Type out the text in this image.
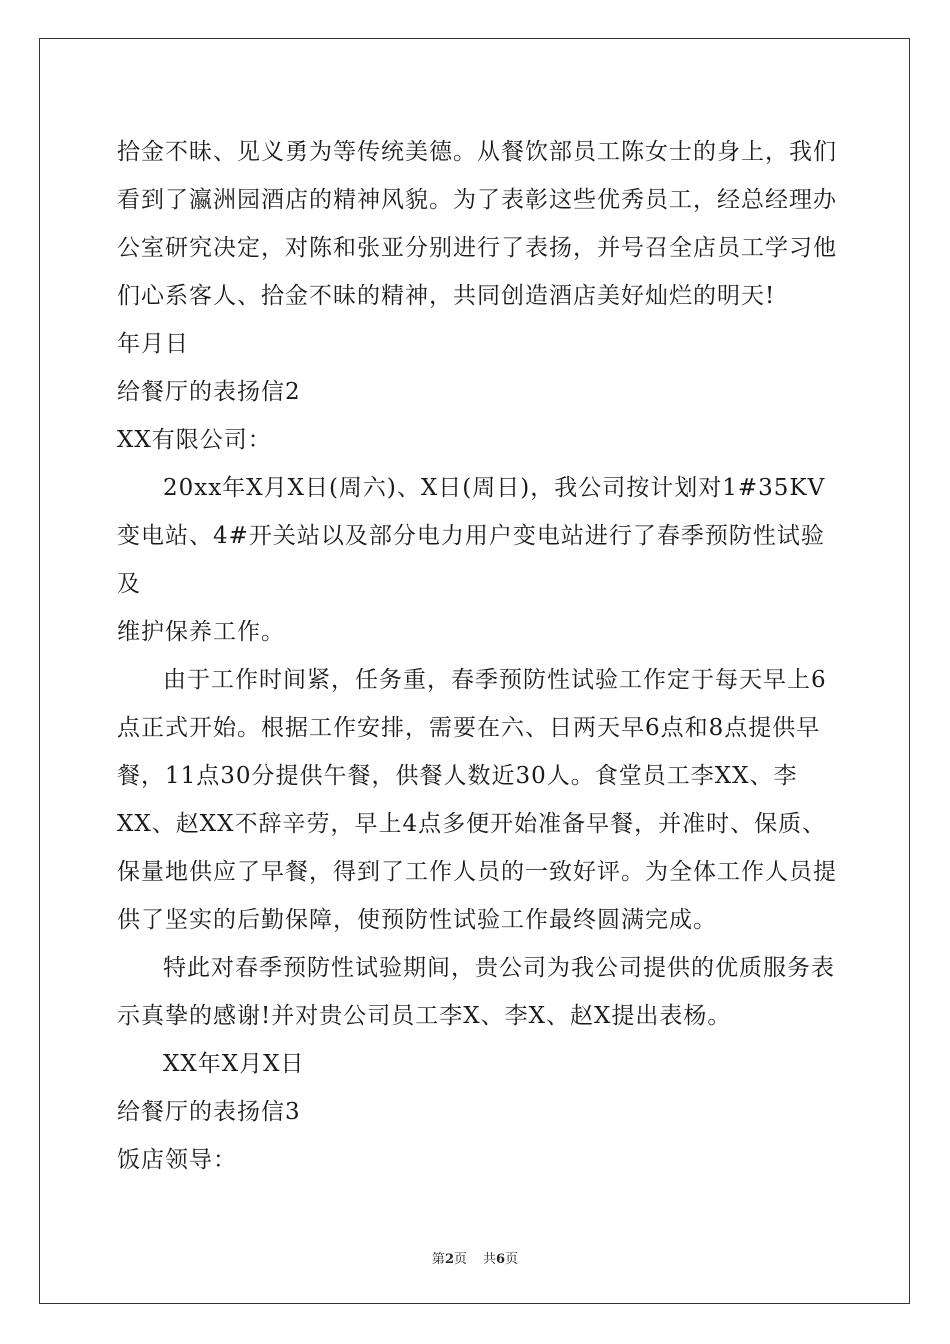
拾金不昧、见义勇为等传统美德。从餐饮部员工陈女士的身上，我们

看到了瀛洲园酒店的精神风貌。为了表彰这些优秀员工，经总经理办

公室研究决定，对陈和张亚分别进行了表扬，并号召全店员工学习他

们心系客人、拾金不昧的精神，共同创造酒店美好灿烂的明天!

年月日

给餐厅的表扬信2

XX有限公司：

20xx年X月X日(周六)、X日(周日)，我公司按计划对1#35KV

变电站、4#开关站以及部分电力用户变电站进行了春季预防性试验及

维护保养工作。

由于工作时间紧，任务重，春季预防性试验工作定于每天早上6

点正式开始。根据工作安排，需要在六、日两天早6点和8点提供早

餐，11点30分提供午餐，供餐人数近30人。食堂员工李XX、李

XX、赵XX不辞辛劳，早上4点多便开始准备早餐，并准时、保质、

保量地供应了早餐，得到了工作人员的一致好评。为全体工作人员提

供了坚实的后勤保障，使预防性试验工作最终圆满完成。

特此对春季预防性试验期间，贵公司为我公司提供的优质服务表

示真挚的感谢!并对贵公司员工李X、李X、赵X提出表杨。

XX年X月X日

给餐厅的表扬信3

饭店领导：

第2页 共6页
